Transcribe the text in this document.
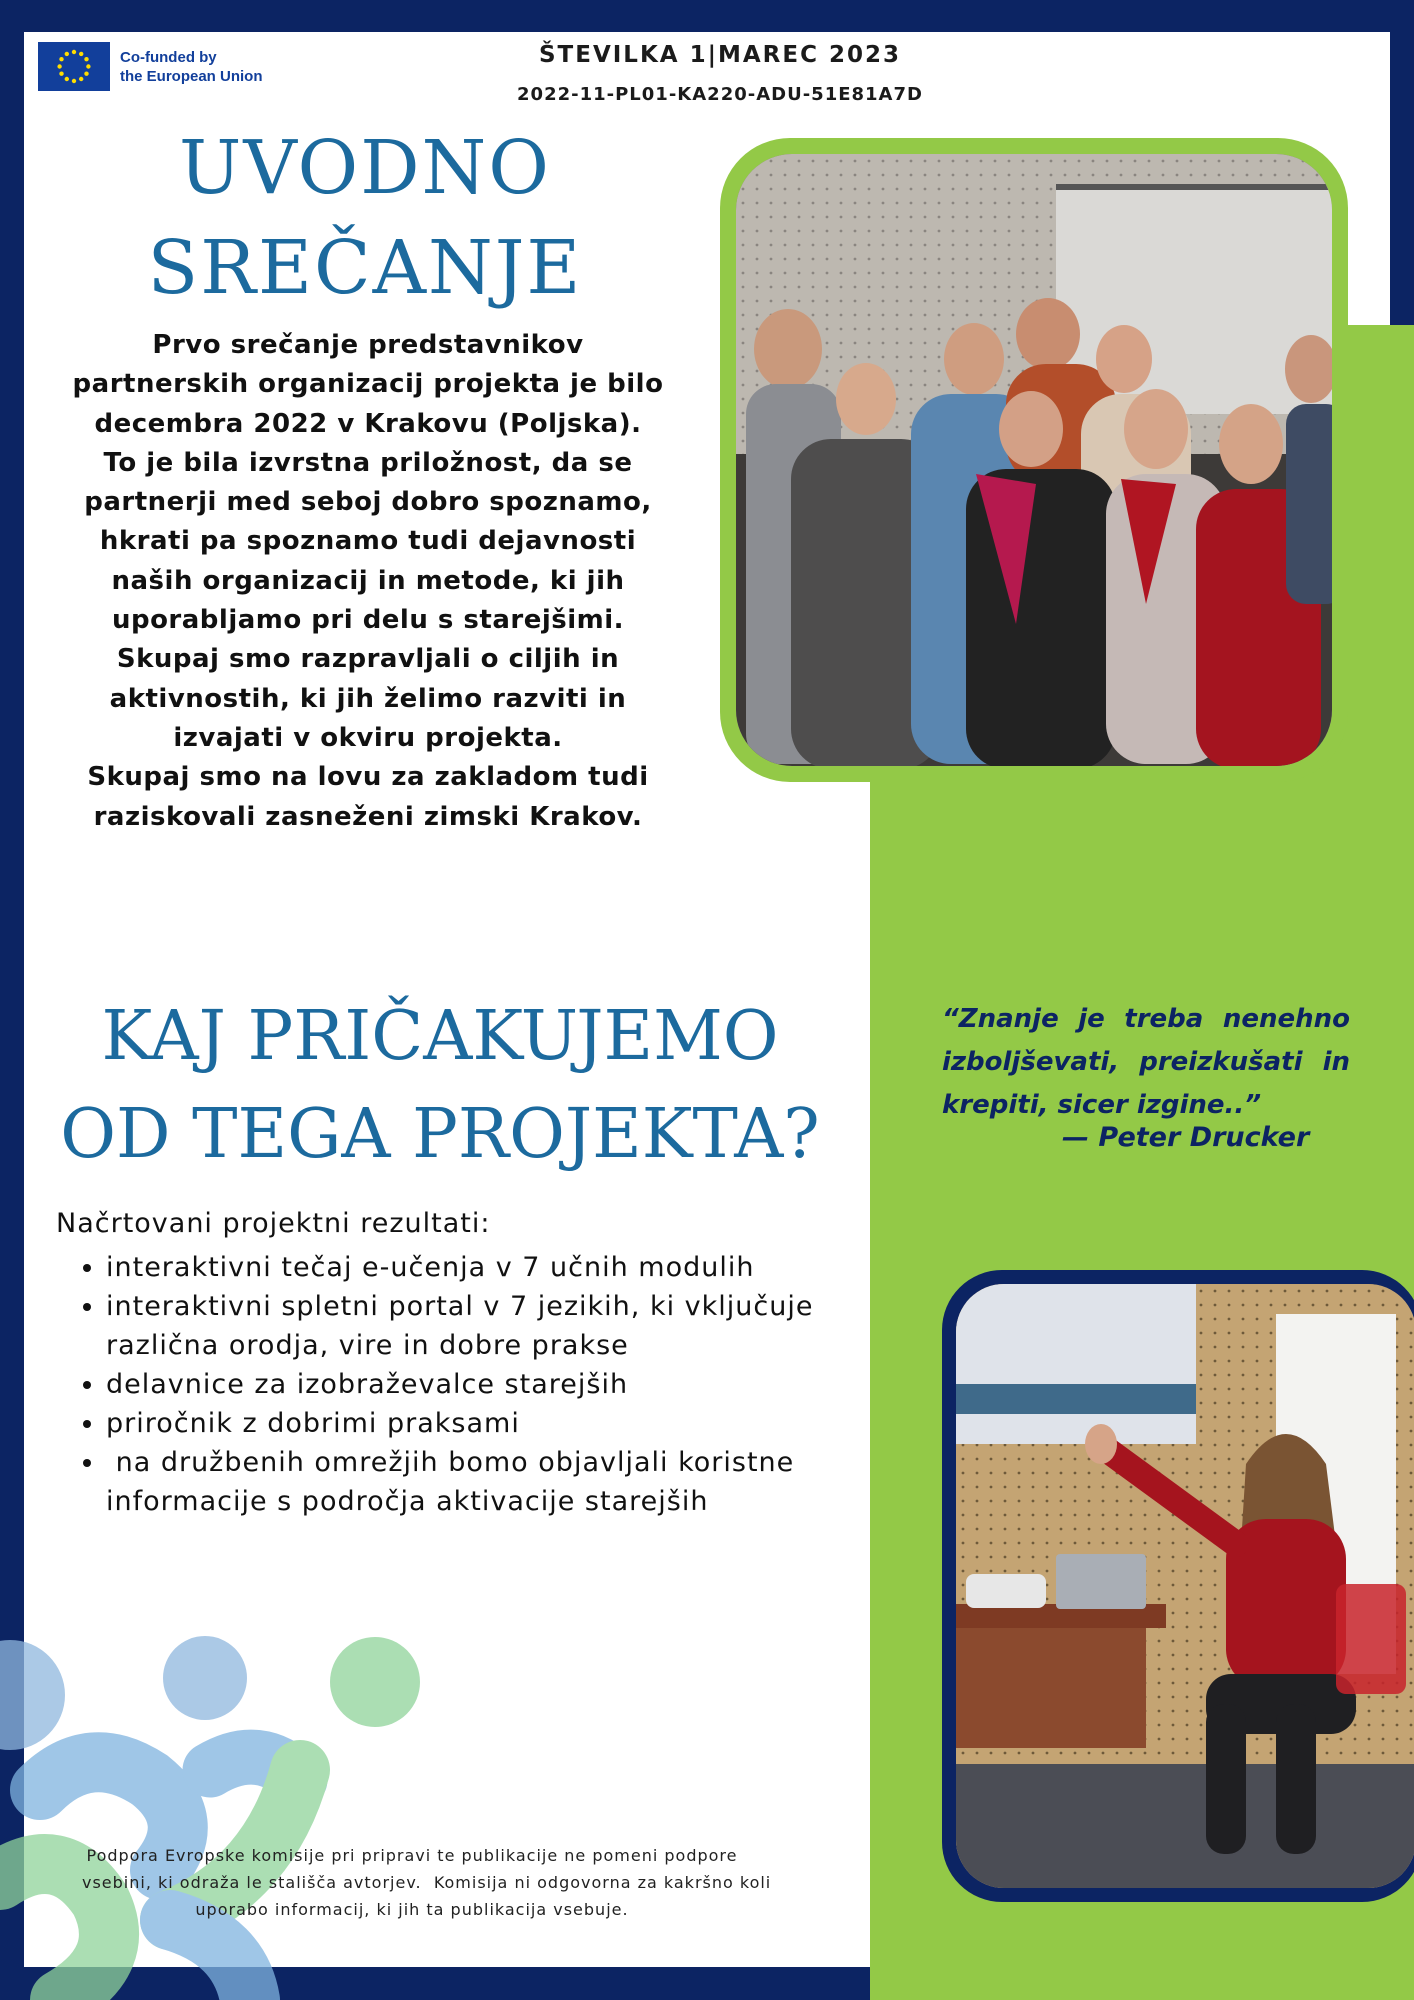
Co-funded by
the European Union
ŠTEVILKA 1|MAREC 2023
2022-11-PL01-KA220-ADU-51E81A7D
UVODNO
SREČANJE
Prvo srečanje predstavnikov
partnerskih organizacij projekta je bilo
decembra 2022 v Krakovu (Poljska).
To je bila izvrstna priložnost, da se
partnerji med seboj dobro spoznamo,
hkrati pa spoznamo tudi dejavnosti
naših organizacij in metode, ki jih
uporabljamo pri delu s starejšimi.
Skupaj smo razpravljali o ciljih in
aktivnostih, ki jih želimo razviti in
izvajati v okviru projekta.
Skupaj smo na lovu za zakladom tudi
raziskovali zasneženi zimski Krakov.
KAJ PRIČAKUJEMO
OD TEGA PROJEKTA?
“Znanje je treba nenehno izboljševati, preizkušati in krepiti, sicer izgine..”
— Peter Drucker
Načrtovani projektni rezultati:
• interaktivni tečaj e-učenja v 7 učnih modulih
• interaktivni spletni portal v 7 jezikih, ki vključuje različna orodja, vire in dobre prakse
• delavnice za izobraževalce starejših
• priročnik z dobrimi praksami
•  na družbenih omrežjih bomo objavljali koristne informacije s področja aktivacije starejših
Podpora Evropske komisije pri pripravi te publikacije ne pomeni podpore
vsebini, ki odraža le stališča avtorjev.  Komisija ni odgovorna za kakršno koli
uporabo informacij, ki jih ta publikacija vsebuje.
